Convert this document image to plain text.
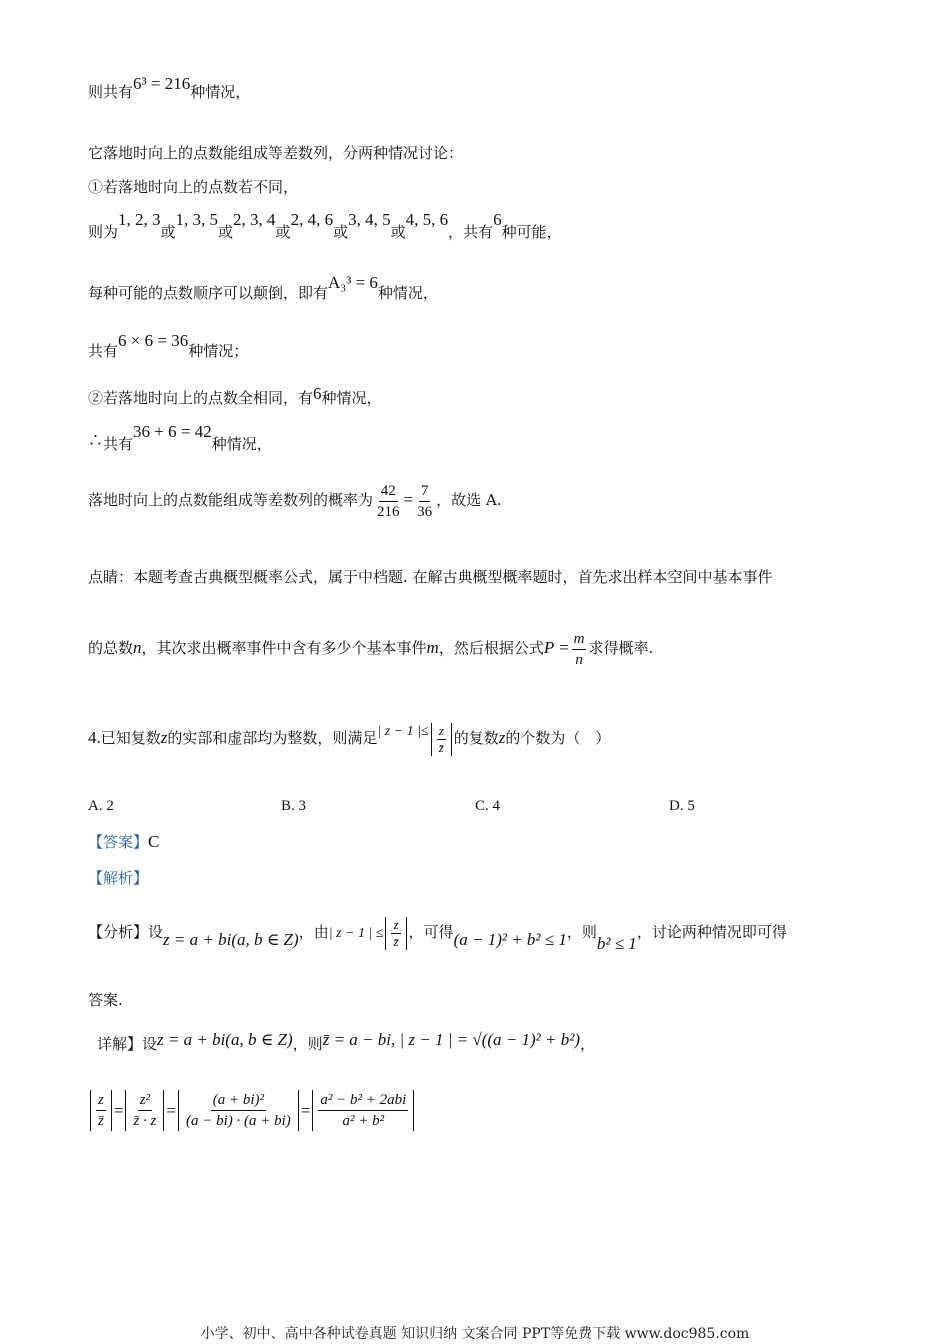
则共有6³ = 216种情况，
它落地时向上的点数能组成等差数列，分两种情况讨论：
①若落地时向上的点数若不同，
则为1, 2, 3或1, 3, 5或2, 3, 4或2, 4, 6或3, 4, 5或4, 5, 6，共有6种可能，
每种可能的点数顺序可以颠倒，即有A₃³ = 6种情况，
共有6 × 6 = 36种情况；
②若落地时向上的点数全相同，有6种情况，
∴共有36 + 6 = 42种情况，
落地时向上的点数能组成等差数列的概率为 $\frac{42}{216} = \frac{7}{36}$ ，故选 A.
点睛：本题考查古典概型概率公式，属于中档题. 在解古典概型概率题时，首先求出样本空间中基本事件
的总数n，其次求出概率事件中含有多少个基本事件m，然后根据公式$P = \frac{m}{n}$ 求得概率.
4.已知复数z的实部和虚部均为整数，则满足| z − 1 |≤ $\frac{z}{z̄}$ 的复数z的个数为（　）
A. 2	B. 3	C. 4	D. 5
【答案】C
【解析】
【分析】设z = a + bi(a, b ∈ Z)，由| z − 1 | ≤ $\frac{z}{z̄}$ ，可得(a − 1)² + b² ≤ 1，则b² ≤ 1，讨论两种情况即可得
答案.
详解】设z = a + bi(a, b ∈ Z)，则z̄ = a − bi, | z − 1 | = √((a − 1)² + b²)，
$\frac{z}{z̄} = \frac{\text{z²}}{z̄ \cdot z} = \frac{\text{(a + bi)²}}{(a - bi) \cdot (a + bi)} = \frac{\text{a² − b² + 2abi}}{\text{a² + b²}}$
小学、初中、高中各种试卷真题 知识归纳 文案合同 PPT等免费下载 www.doc985.com
